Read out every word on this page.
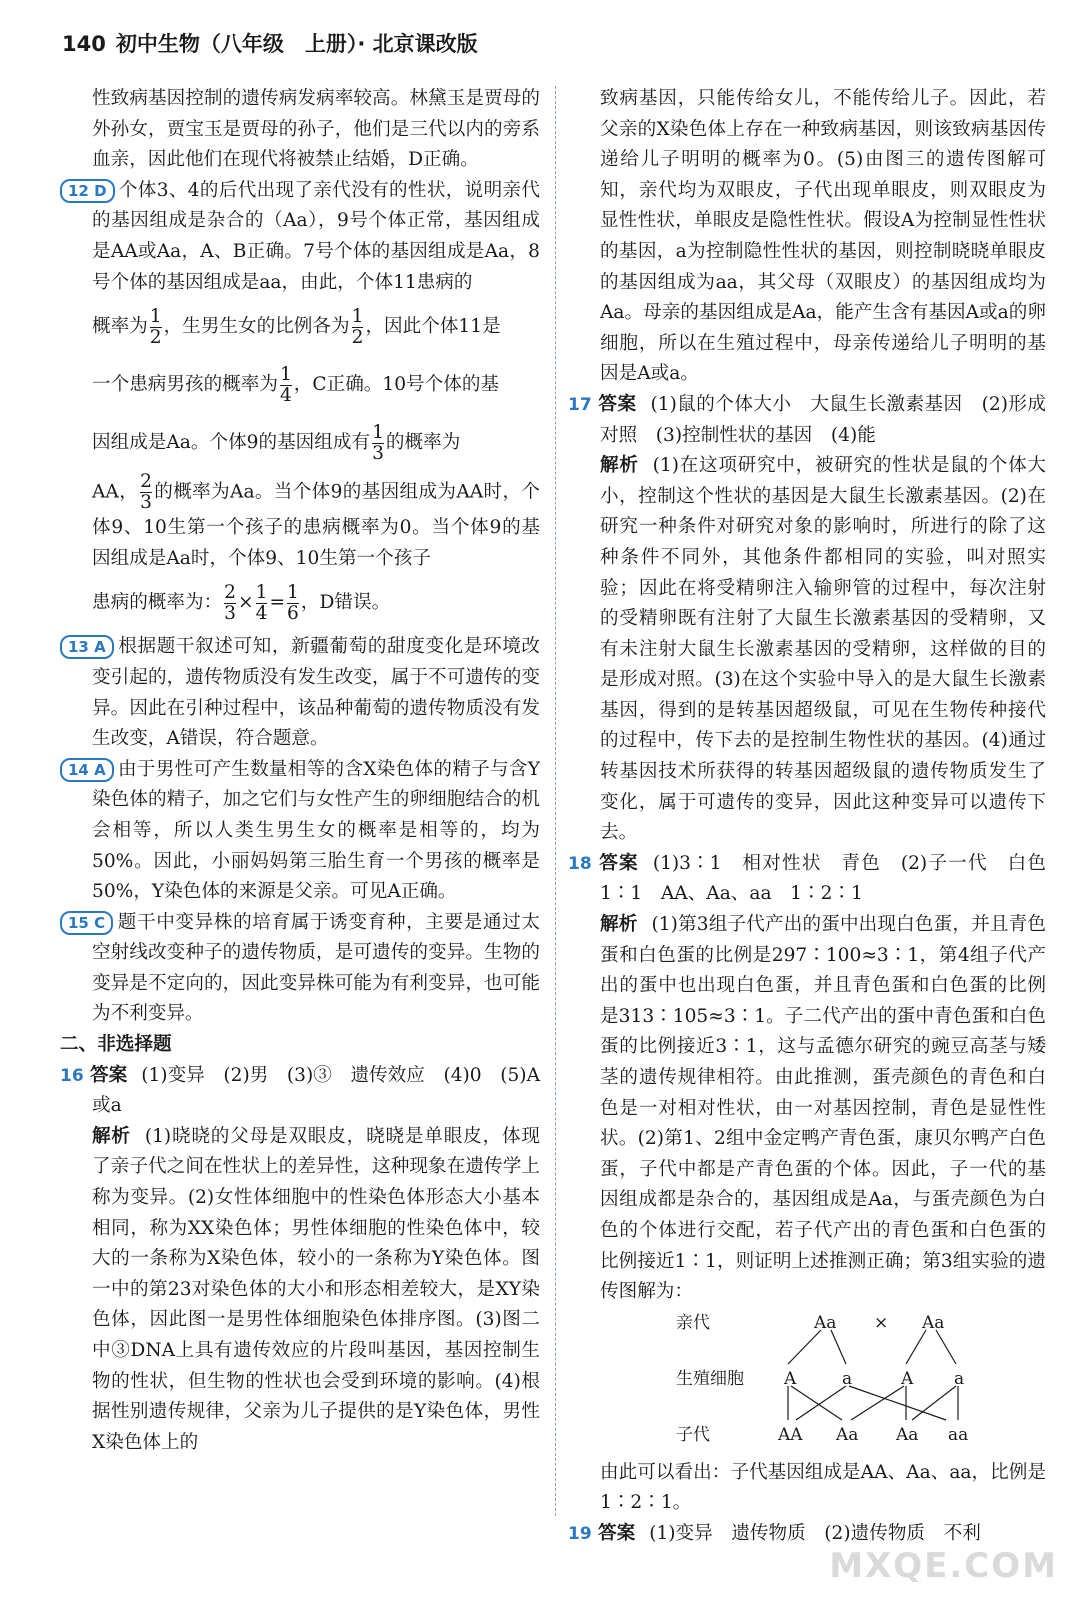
140 初中生物（八年级　上册）· 北京课改版

性致病基因控制的遗传病发病率较高。林黛玉是贾母的外孙女，贾宝玉是贾母的孙子，他们是三代以内的旁系血亲，因此他们在现代将被禁止结婚，D正确。

12 D 个体3、4的后代出现了亲代没有的性状，说明亲代的基因组成是杂合的（Aa），9号个体正常，基因组成是AA或Aa，A、B正确。7号个体的基因组成是Aa，8号个体的基因组成是aa，由此，个体11患病的

概率为 $\frac{1}{2}$ ，生男生女的比例各为 $\frac{1}{2}$ ，因此个体11是

一个患病男孩的概率为 $\frac{1}{4}$ ，C正确。10号个体的基

因组成是Aa。个体9的基因组成有 $\frac{1}{3}$ 的概率为

AA， $\frac{2}{3}$ 的概率为Aa。当个体9的基因组成为AA时，个体9、10生第一个孩子的患病概率为0。当个体9的基因组成是Aa时，个体9、10生第一个孩子

患病的概率为： $\frac{2}{3} \times \frac{1}{4} = \frac{1}{6}$ ，D错误。

13 A 根据题干叙述可知，新疆葡萄的甜度变化是环境改变引起的，遗传物质没有发生改变，属于不可遗传的变异。因此在引种过程中，该品种葡萄的遗传物质没有发生改变，A错误，符合题意。

14 A 由于男性可产生数量相等的含X染色体的精子与含Y染色体的精子，加之它们与女性产生的卵细胞结合的机会相等，所以人类生男生女的概率是相等的，均为50%。因此，小丽妈妈第三胎生育一个男孩的概率是50%，Y染色体的来源是父亲。可见A正确。

15 C 题干中变异株的培育属于诱变育种，主要是通过太空射线改变种子的遗传物质，是可遗传的变异。生物的变异是不定向的，因此变异株可能为有利变异，也可能为不利变异。

二、非选择题

16 答案 (1)变异　(2)男　(3)③　遗传效应　(4)0　(5)A或a

解析 (1)晓晓的父母是双眼皮，晓晓是单眼皮，体现了亲子代之间在性状上的差异性，这种现象在遗传学上称为变异。(2)女性体细胞中的性染色体形态大小基本相同，称为XX染色体；男性体细胞的性染色体中，较大的一条称为X染色体，较小的一条称为Y染色体。图一中的第23对染色体的大小和形态相差较大，是XY染色体，因此图一是男性体细胞染色体排序图。(3)图二中③DNA上具有遗传效应的片段叫基因，基因控制生物的性状，但生物的性状也会受到环境的影响。(4)根据性别遗传规律，父亲为儿子提供的是Y染色体，男性X染色体上的

致病基因，只能传给女儿，不能传给儿子。因此，若父亲的X染色体上存在一种致病基因，则该致病基因传递给儿子明明的概率为0。(5)由图三的遗传图解可知，亲代均为双眼皮，子代出现单眼皮，则双眼皮为显性性状，单眼皮是隐性性状。假设A为控制显性性状的基因，a为控制隐性性状的基因，则控制晓晓单眼皮的基因组成为aa，其父母（双眼皮）的基因组成均为Aa。母亲的基因组成是Aa，能产生含有基因A或a的卵细胞，所以在生殖过程中，母亲传递给儿子明明的基因是A或a。

17 答案 (1)鼠的个体大小　大鼠生长激素基因　(2)形成对照　(3)控制性状的基因　(4)能

解析 (1)在这项研究中，被研究的性状是鼠的个体大小，控制这个性状的基因是大鼠生长激素基因。(2)在研究一种条件对研究对象的影响时，所进行的除了这种条件不同外，其他条件都相同的实验，叫对照实验；因此在将受精卵注入输卵管的过程中，每次注射的受精卵既有注射了大鼠生长激素基因的受精卵，又有未注射大鼠生长激素基因的受精卵，这样做的目的是形成对照。(3)在这个实验中导入的是大鼠生长激素基因，得到的是转基因超级鼠，可见在生物传种接代的过程中，传下去的是控制生物性状的基因。(4)通过转基因技术所获得的转基因超级鼠的遗传物质发生了变化，属于可遗传的变异，因此这种变异可以遗传下去。

18 答案 (1)3∶1　相对性状　青色　(2)子一代　白色　1∶1　AA、Aa、aa　1∶2∶1

解析 (1)第3组子代产出的蛋中出现白色蛋，并且青色蛋和白色蛋的比例是297∶100≈3∶1，第4组子代产出的蛋中也出现白色蛋，并且青色蛋和白色蛋的比例是313∶105≈3∶1。子二代产出的蛋中青色蛋和白色蛋的比例接近3∶1，这与孟德尔研究的豌豆高茎与矮茎的遗传规律相符。由此推测，蛋壳颜色的青色和白色是一对相对性状，由一对基因控制，青色是显性性状。(2)第1、2组中金定鸭产青色蛋，康贝尔鸭产白色蛋，子代中都是产青色蛋的个体。因此，子一代的基因组成都是杂合的，基因组成是Aa，与蛋壳颜色为白色的个体进行交配，若子代产出的青色蛋和白色蛋的比例接近1∶1，则证明上述推测正确；第3组实验的遗传图解为：

亲代	Aa × Aa
生殖细胞 A	a	A a
子代	AA Aa Aa aa

由此可以看出：子代基因组成是AA、Aa、aa，比例是1∶2∶1。

19 答案 (1)变异　遗传物质　(2)遗传物质　不利

MXQE.COM
